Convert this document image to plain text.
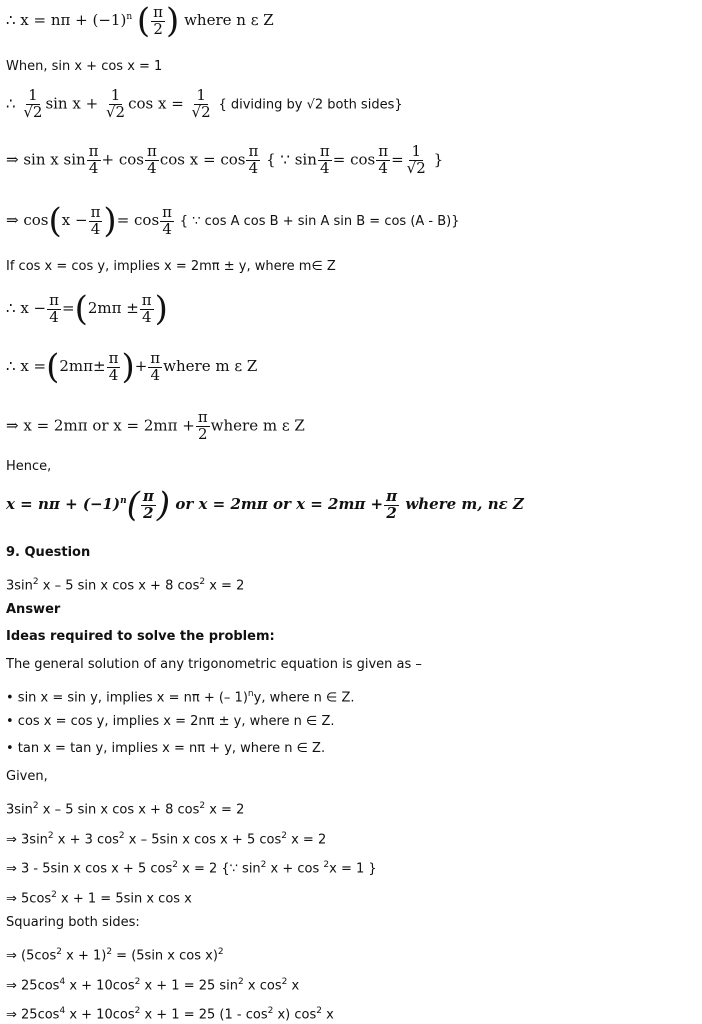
∴ $x = n\pi + (-1)^n$ ( $\frac{\pi}{2}$ ) where n ε Z
When, sin x + cos x = 1
∴ $\frac{1}{√2}$ $\sin x + \frac{1}{√2}$ $\cos x = \frac{1}{√2}$ { dividing by √2 both sides}
⇒ sin x $\sin \frac{\pi}{4} + \cos \frac{\pi}{4}$ $\cos x = \cos \frac{\pi}{4}$ { ∵ $\sin \frac{\pi}{4} = \cos \frac{\pi}{4} = \frac{1}{√2}$ }
⇒ $\cos(x - \frac{\pi}{4}$ )= $\cos \frac{\pi}{4}$ { ∵ cos A cos B + sin A sin B = cos (A - B)}
If cos x = cos y, implies x = 2mπ ± y, where m∈ Z
∴ $x - \frac{\pi}{4} =(2m\pi \pm \frac{\pi}{4}$ )
∴ $x =(2m\pi\pm \frac{\pi}{4}$ )+ $\frac{\pi}{4}$ where m ε Z
⇒ x = 2mπ or $x = 2m\pi + \frac{\pi}{2}$ where m ε Z
Hence,
$x = n\pi + (-1)^n( \frac{\pi}{2}$ ) or x = 2mπ or $x = 2m\pi + \frac{\pi}{2}$ where m, nε Z
9. Question
$3\sin^2$ x – 5 sin x cos x + 8 $\cos^2 x = 2$
Answer
Ideas required to solve the problem:
The general solution of any trigonometric equation is given as –
• sin x = sin y, implies x = nπ + (– 1)$^n$y, where n ∈ Z.
• cos x = cos y, implies x = 2nπ ± y, where n ∈ Z.
• tan x = tan y, implies x = nπ + y, where n ∈ Z.
Given,
$3\sin^2$ x – 5 sin x cos x + 8 $\cos^2 x = 2$
⇒ $3\sin^2$ x + 3 $\cos^2 x - 5\sin$ x cos x + 5 $\cos^2 x = 2$
⇒ 3 - 5sin x cos x + 5 $\cos^2 x = 2$ {∵ $\sin^2 x + \cos ^2x = 1$ }
⇒ $5\cos^2$ x + 1 = 5sin x cos x
Squaring both sides:
⇒ ($5\cos^2$ x + 1)$^2$ = (5sin x cos x)$^2$
⇒ $25\cos^4$ $x + 10\cos^2$ x + 1 = 25 $\sin^2 x$ $\cos^2 x$
⇒ $25\cos^4$ $x + 10\cos^2$ x + 1 = 25 $(1 - \cos^2 x)$ $\cos^2 x$
